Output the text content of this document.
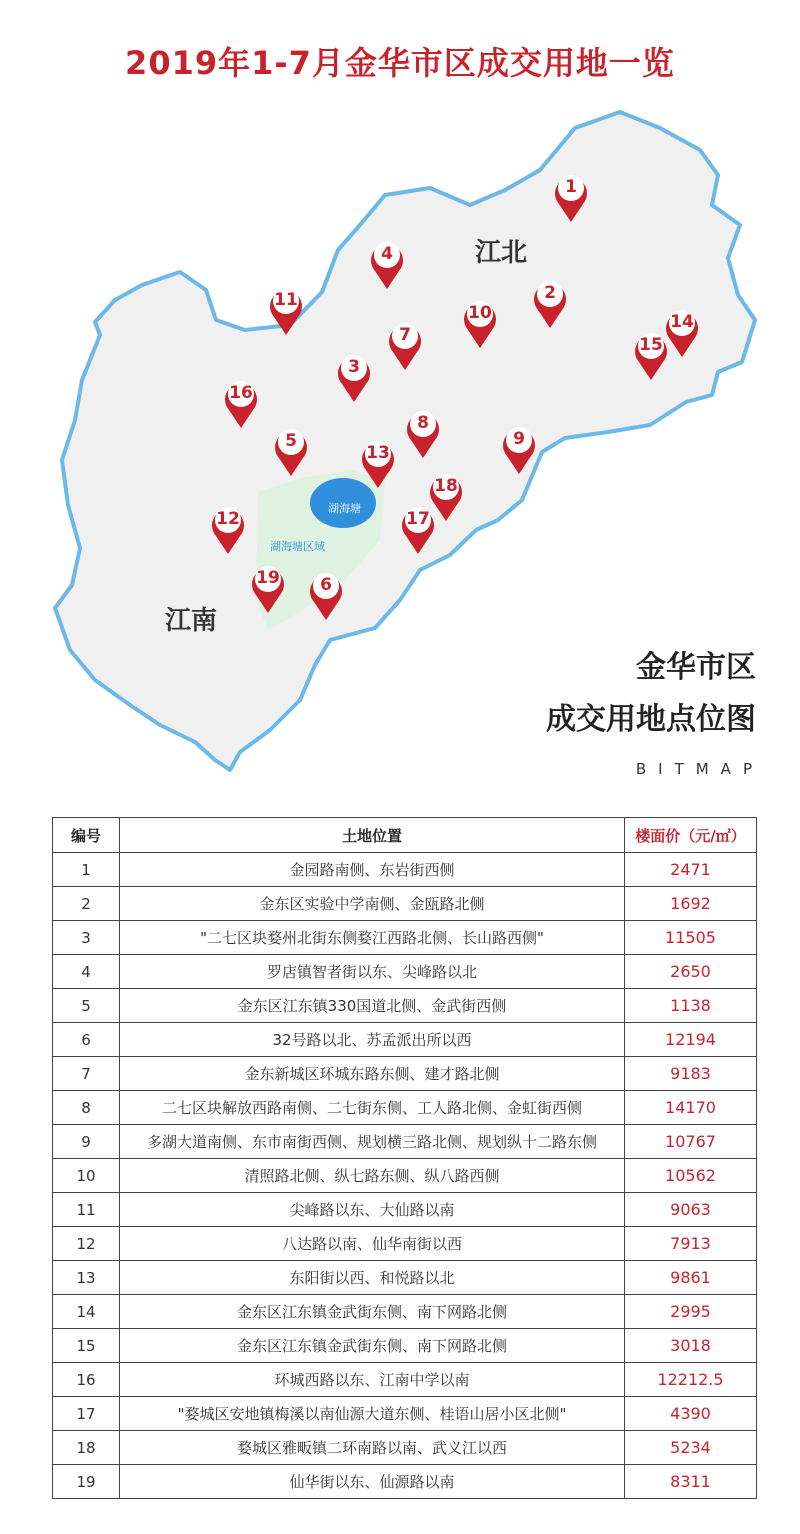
2019年1-7月金华市区成交用地一览
江北
江南
湖海塘
湖海塘区域
1
2
3
4
5
6
7
8
9
10
11
12
13
14
15
16
17
18
19
金华市区
成交用地点位图
BITMAP
编号	土地位置	楼面价（元/㎡）
1	金园路南侧、东岩街西侧	2471
2	金东区实验中学南侧、金瓯路北侧	1692
3	"二七区块婺州北街东侧婺江西路北侧、长山路西侧"	11505
4	罗店镇智者街以东、尖峰路以北	2650
5	金东区江东镇330国道北侧、金武街西侧	1138
6	32号路以北、苏孟派出所以西	12194
7	金东新城区环城东路东侧、建才路北侧	9183
8	二七区块解放西路南侧、二七街东侧、工人路北侧、金虹街西侧	14170
9	多湖大道南侧、东市南街西侧、规划横三路北侧、规划纵十二路东侧	10767
10	清照路北侧、纵七路东侧、纵八路西侧	10562
11	尖峰路以东、大仙路以南	9063
12	八达路以南、仙华南街以西	7913
13	东阳街以西、和悦路以北	9861
14	金东区江东镇金武街东侧、南下网路北侧	2995
15	金东区江东镇金武街东侧、南下网路北侧	3018
16	环城西路以东、江南中学以南	12212.5
17	"婺城区安地镇梅溪以南仙源大道东侧、桂语山居小区北侧"	4390
18	婺城区雅畈镇二环南路以南、武义江以西	5234
19	仙华街以东、仙源路以南	8311
